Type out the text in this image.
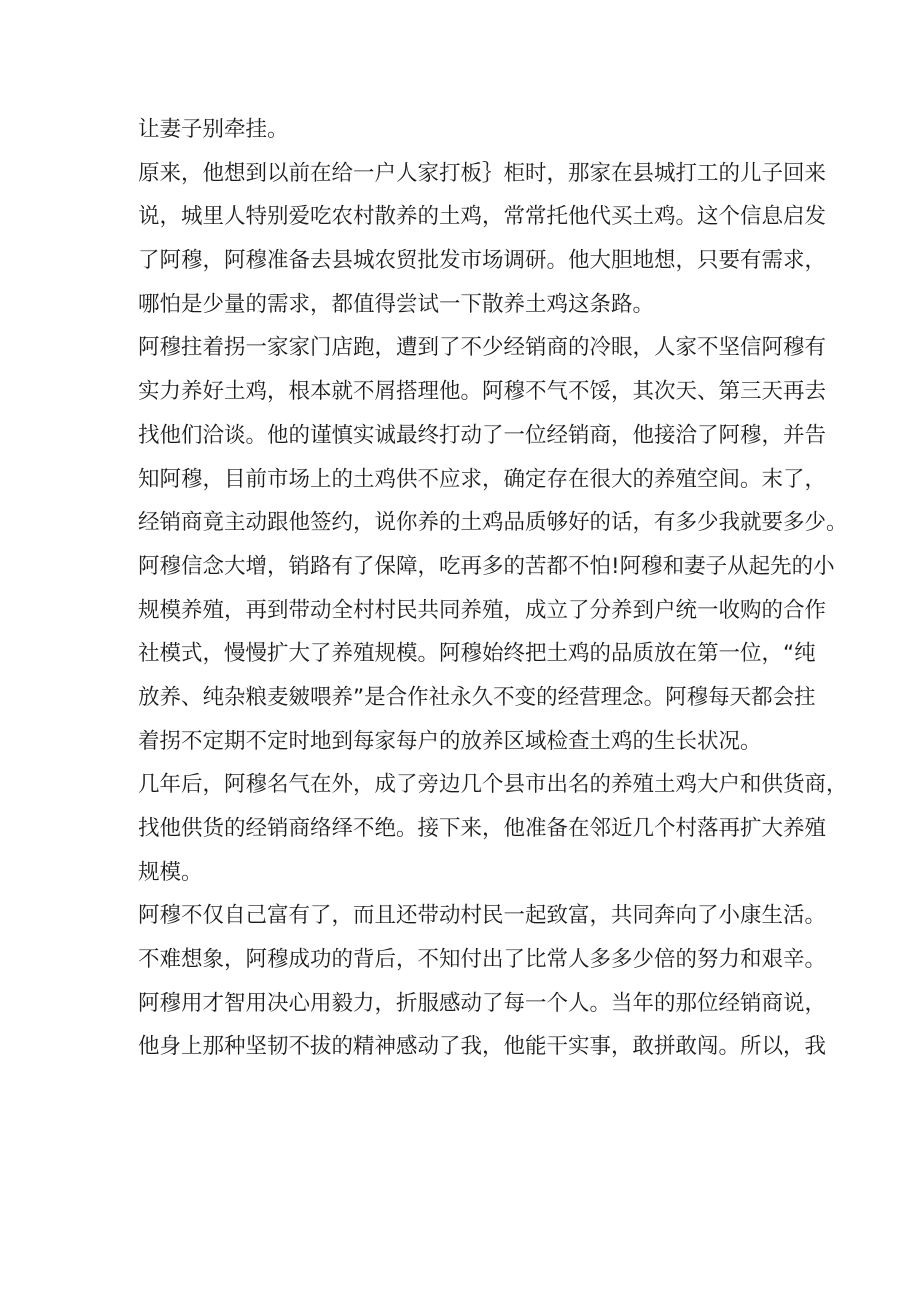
让妻子别牵挂。
原来，他想到以前在给一户人家打板｝柜时，那家在县城打工的儿子回来
说，城里人特别爱吃农村散养的土鸡，常常托他代买土鸡。这个信息启发
了阿穆，阿穆准备去县城农贸批发市场调研。他大胆地想，只要有需求，
哪怕是少量的需求，都值得尝试一下散养土鸡这条路。
阿穆拄着拐一家家门店跑，遭到了不少经销商的冷眼，人家不坚信阿穆有
实力养好土鸡，根本就不屑搭理他。阿穆不气不馁，其次天、第三天再去
找他们洽谈。他的谨慎实诚最终打动了一位经销商，他接洽了阿穆，并告
知阿穆，目前市场上的土鸡供不应求，确定存在很大的养殖空间。末了，
经销商竟主动跟他签约，说你养的土鸡品质够好的话，有多少我就要多少。
阿穆信念大增，销路有了保障，吃再多的苦都不怕!阿穆和妻子从起先的小
规模养殖，再到带动全村村民共同养殖，成立了分养到户统一收购的合作
社模式，慢慢扩大了养殖规模。阿穆始终把土鸡的品质放在第一位，“纯
放养、纯杂粮麦皴喂养”是合作社永久不变的经营理念。阿穆每天都会拄
着拐不定期不定时地到每家每户的放养区域检查土鸡的生长状况。
几年后，阿穆名气在外，成了旁边几个县市出名的养殖土鸡大户和供货商，
找他供货的经销商络绎不绝。接下来，他准备在邻近几个村落再扩大养殖
规模。
阿穆不仅自己富有了，而且还带动村民一起致富，共同奔向了小康生活。
不难想象，阿穆成功的背后，不知付出了比常人多多少倍的努力和艰辛。
阿穆用才智用决心用毅力，折服感动了每一个人。当年的那位经销商说，
他身上那种坚韧不拔的精神感动了我，他能干实事，敢拼敢闯。所以，我
